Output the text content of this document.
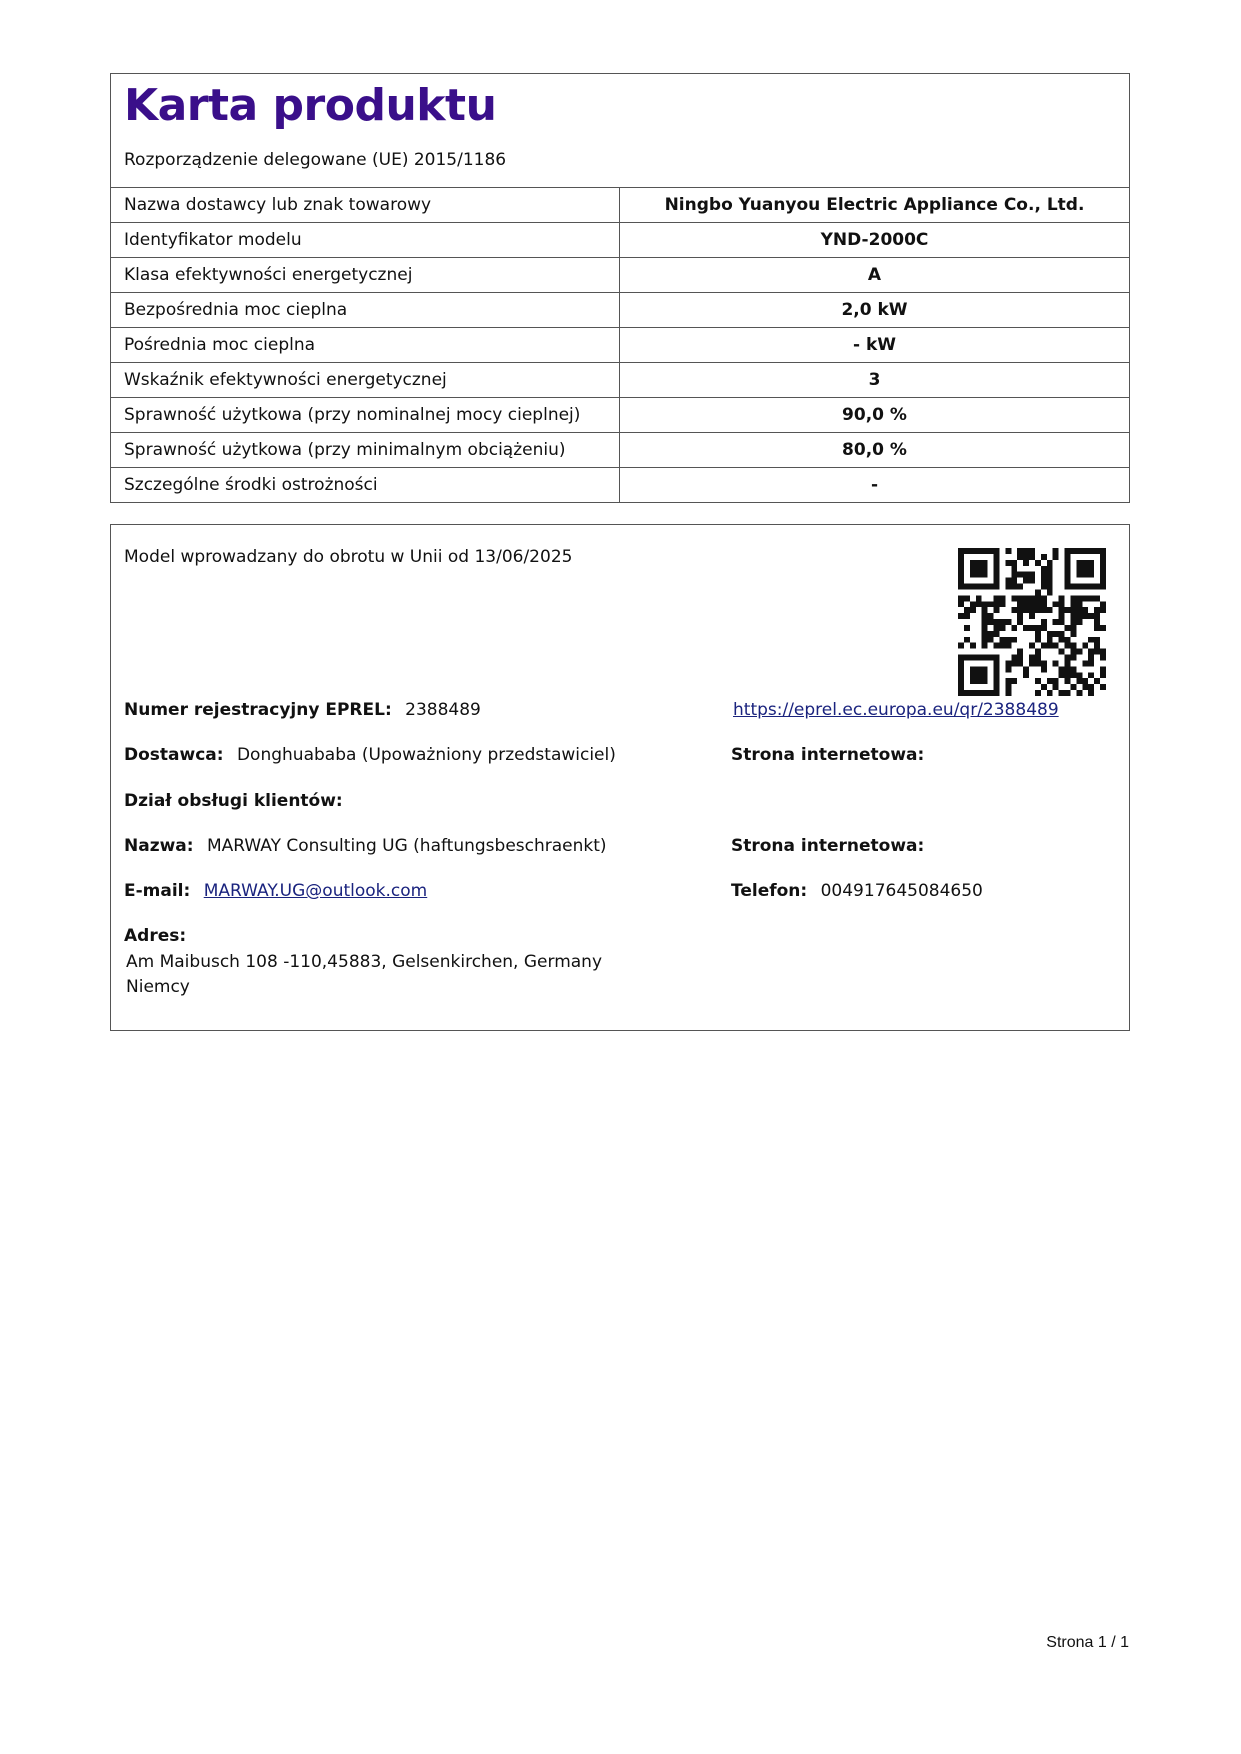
Karta produktu
Rozporządzenie delegowane (UE) 2015/1186
Nazwa dostawcy lub znak towarowy	Ningbo Yuanyou Electric Appliance Co., Ltd.
Identyfikator modelu	YND-2000C
Klasa efektywności energetycznej	A
Bezpośrednia moc cieplna	2,0 kW
Pośrednia moc cieplna	- kW
Wskaźnik efektywności energetycznej	3
Sprawność użytkowa (przy nominalnej mocy cieplnej)	90,0 %
Sprawność użytkowa (przy minimalnym obciążeniu)	80,0 %
Szczególne środki ostrożności	-
Model wprowadzany do obrotu w Unii od 13/06/2025
Numer rejestracyjny EPREL: 2388489	https://eprel.ec.europa.eu/qr/2388489
Dostawca: Donghuababa (Upoważniony przedstawiciel)	Strona internetowa:
Dział obsługi klientów:
Nazwa: MARWAY Consulting UG (haftungsbeschraenkt)	Strona internetowa:
E-mail: MARWAY.UG@outlook.com	Telefon: 004917645084650
Adres:
Am Maibusch 108 -110,45883, Gelsenkirchen, Germany
Niemcy
Strona 1 / 1
